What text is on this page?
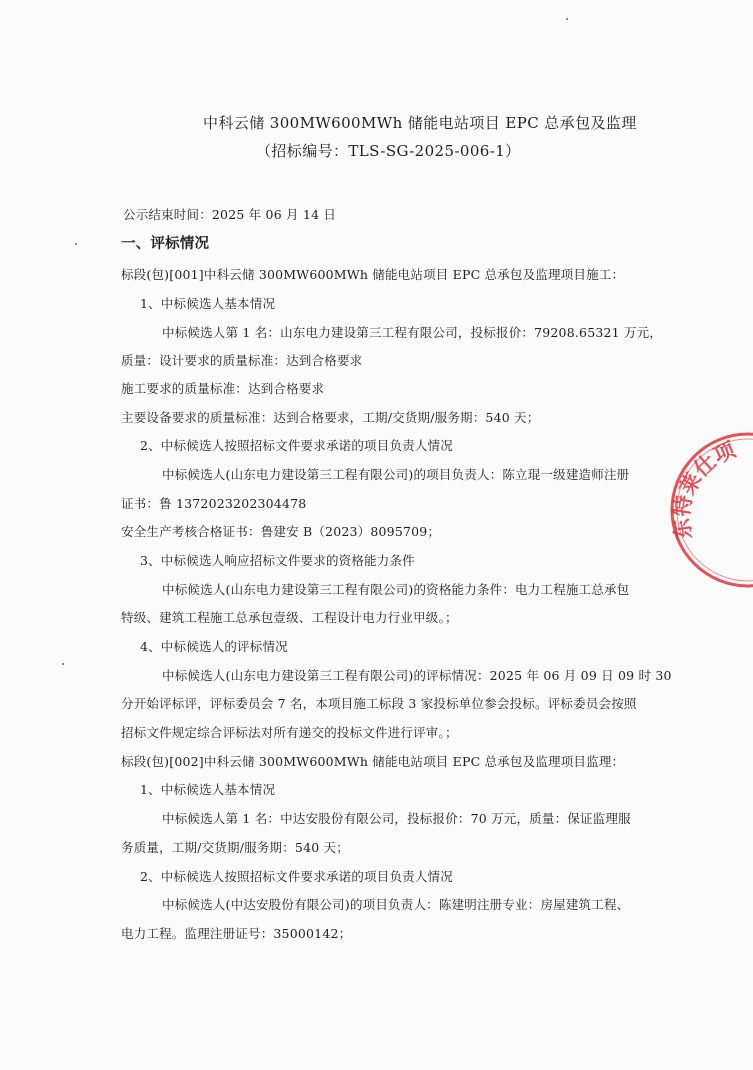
中科云储 300MW600MWh 储能电站项目 EPC 总承包及监理

（招标编号：TLS-SG-2025-006-1）

公示结束时间：2025 年 06 月 14 日

一、评标情况

标段(包)[001]中科云储 300MW600MWh 储能电站项目 EPC 总承包及监理项目施工：

1、中标候选人基本情况

中标候选人第 1 名：山东电力建设第三工程有限公司，投标报价：79208.65321 万元，

质量：设计要求的质量标准：达到合格要求

施工要求的质量标准：达到合格要求

主要设备要求的质量标准：达到合格要求，工期/交货期/服务期：540 天；

2、中标候选人按照招标文件要求承诺的项目负责人情况

中标候选人(山东电力建设第三工程有限公司)的项目负责人：陈立琨一级建造师注册

证书：鲁 1372023202304478

安全生产考核合格证书：鲁建安 B（2023）8095709；

3、中标候选人响应招标文件要求的资格能力条件

中标候选人(山东电力建设第三工程有限公司)的资格能力条件：电力工程施工总承包

特级、建筑工程施工总承包壹级、工程设计电力行业甲级。；

4、中标候选人的评标情况

中标候选人(山东电力建设第三工程有限公司)的评标情况：2025 年 06 月 09 日 09 时 30

分开始评标评，评标委员会 7 名，本项目施工标段 3 家投标单位参会投标。评标委员会按照

招标文件规定综合评标法对所有递交的投标文件进行评审。；

标段(包)[002]中科云储 300MW600MWh 储能电站项目 EPC 总承包及监理项目监理：

1、中标候选人基本情况

中标候选人第 1 名：中达安股份有限公司，投标报价：70 万元，质量：保证监理服

务质量，工期/交货期/服务期：540 天；

2、中标候选人按照招标文件要求承诺的项目负责人情况

中标候选人(中达安股份有限公司)的项目负责人：陈建明注册专业：房屋建筑工程、

电力工程。监理注册证号：35000142；

东特莱仕项
